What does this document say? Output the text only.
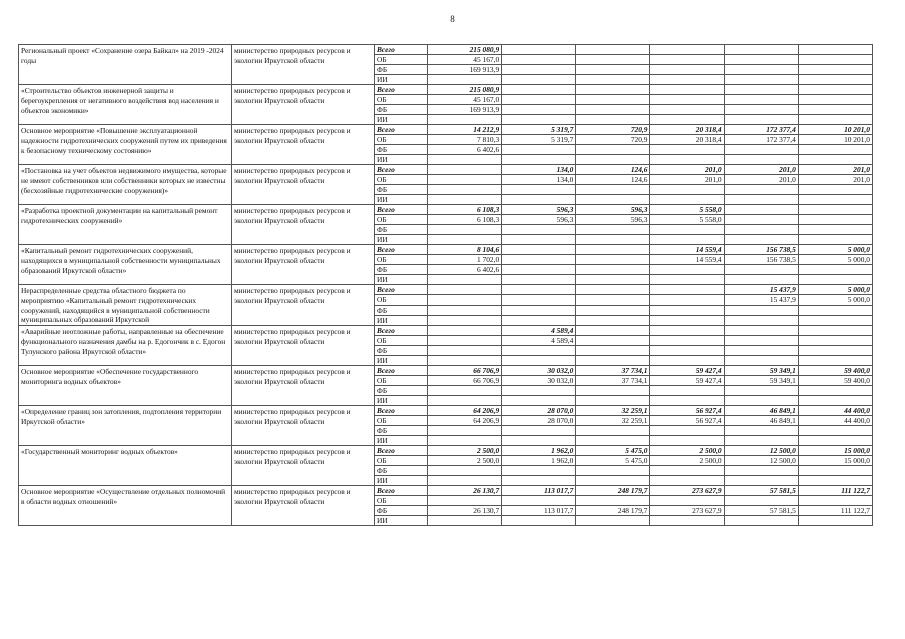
8
Региональный проект «Сохранение озера Байкал» на 2019 -2024 годы	министерство природных ресурсов и экологии Иркутской области	Всего	215 080,9					
		ОБ	45 167,0					
		ФБ	169 913,9					
		ИИ						
«Строительство объектов инженерной защиты и берегоукрепления от негативного воздействия вод населения и объектов экономики»	министерство природных ресурсов и экологии Иркутской области	Всего	215 080,9					
		ОБ	45 167,0					
		ФБ	169 913,9					
		ИИ						
Основное мероприятие «Повышение эксплуатационной надежности гидротехнических сооружений путем их приведения к безопасному техническому состоянию»	министерство природных ресурсов и экологии Иркутской области	Всего	14 212,9	5 319,7	720,9	20 318,4	172 377,4	10 201,0
		ОБ	7 810,3	5 319,7	720,9	20 318,4	172 377,4	10 201,0
		ФБ	6 402,6					
		ИИ						
«Постановка на учет объектов недвижимого имущества, которые не имеют собственников или собственники которых не известны (бесхозяйные гидротехнические сооружения)»	министерство природных ресурсов и экологии Иркутской области	Всего		134,0	124,6	201,0	201,0	201,0
		ОБ		134,0	124,6	201,0	201,0	201,0
		ФБ						
		ИИ						
«Разработка проектной документации на капитальный ремонт гидротехнических сооружений»	министерство природных ресурсов и экологии Иркутской области	Всего	6 108,3	596,3	596,3	5 558,0		
		ОБ	6 108,3	596,3	596,3	5 558,0		
		ФБ						
		ИИ						
«Капитальный ремонт гидротехнических сооружений, находящихся в муниципальной собственности муниципальных образований Иркутской области»	министерство природных ресурсов и экологии Иркутской области	Всего	8 104,6			14 559,4	156 738,5	5 000,0
		ОБ	1 702,0			14 559,4	156 738,5	5 000,0
		ФБ	6 402,6					
		ИИ						
Нераспределенные средства областного бюджета по мероприятию «Капитальный ремонт гидротехнических сооружений, находящийся в муниципальной собственности муниципальных образований Иркутской	министерство природных ресурсов и экологии Иркутской области	Всего					15 437,9	5 000,0
		ОБ					15 437,9	5 000,0
		ФБ						
		ИИ						
«Аварийные неотложные работы, направленные на обеспечение функционального назначения дамбы на р. Едогончик в с. Едогон Тулунского района Иркутской области»	министерство природных ресурсов и экологии Иркутской области	Всего		4 589,4				
		ОБ		4 589,4				
		ФБ						
		ИИ						
Основное мероприятие «Обеспечение государственного мониторинга водных объектов»	министерство природных ресурсов и экологии Иркутской области	Всего	66 706,9	30 032,0	37 734,1	59 427,4	59 349,1	59 400,0
		ОБ	66 706,9	30 032,0	37 734,1	59 427,4	59 349,1	59 400,0
		ФБ						
		ИИ						
«Определение границ зон затопления, подтопления территории Иркутской области»	министерство природных ресурсов и экологии Иркутской области	Всего	64 206,9	28 070,0	32 259,1	56 927,4	46 849,1	44 400,0
		ОБ	64 206,9	28 070,0	32 259,1	56 927,4	46 849,1	44 400,0
		ФБ						
		ИИ						
«Государственный мониторинг водных объектов»	министерство природных ресурсов и экологии Иркутской области	Всего	2 500,0	1 962,0	5 475,0	2 500,0	12 500,0	15 000,0
		ОБ	2 500,0	1 962,0	5 475,0	2 500,0	12 500,0	15 000,0
		ФБ						
		ИИ						
Основное мероприятие «Осуществление отдельных полномочий в области водных отношений»	министерство природных ресурсов и экологии Иркутской области	Всего	26 130,7	113 017,7	248 179,7	273 627,9	57 581,5	111 122,7
		ОБ						
		ФБ	26 130,7	113 017,7	248 179,7	273 627,9	57 581,5	111 122,7
		ИИ						
